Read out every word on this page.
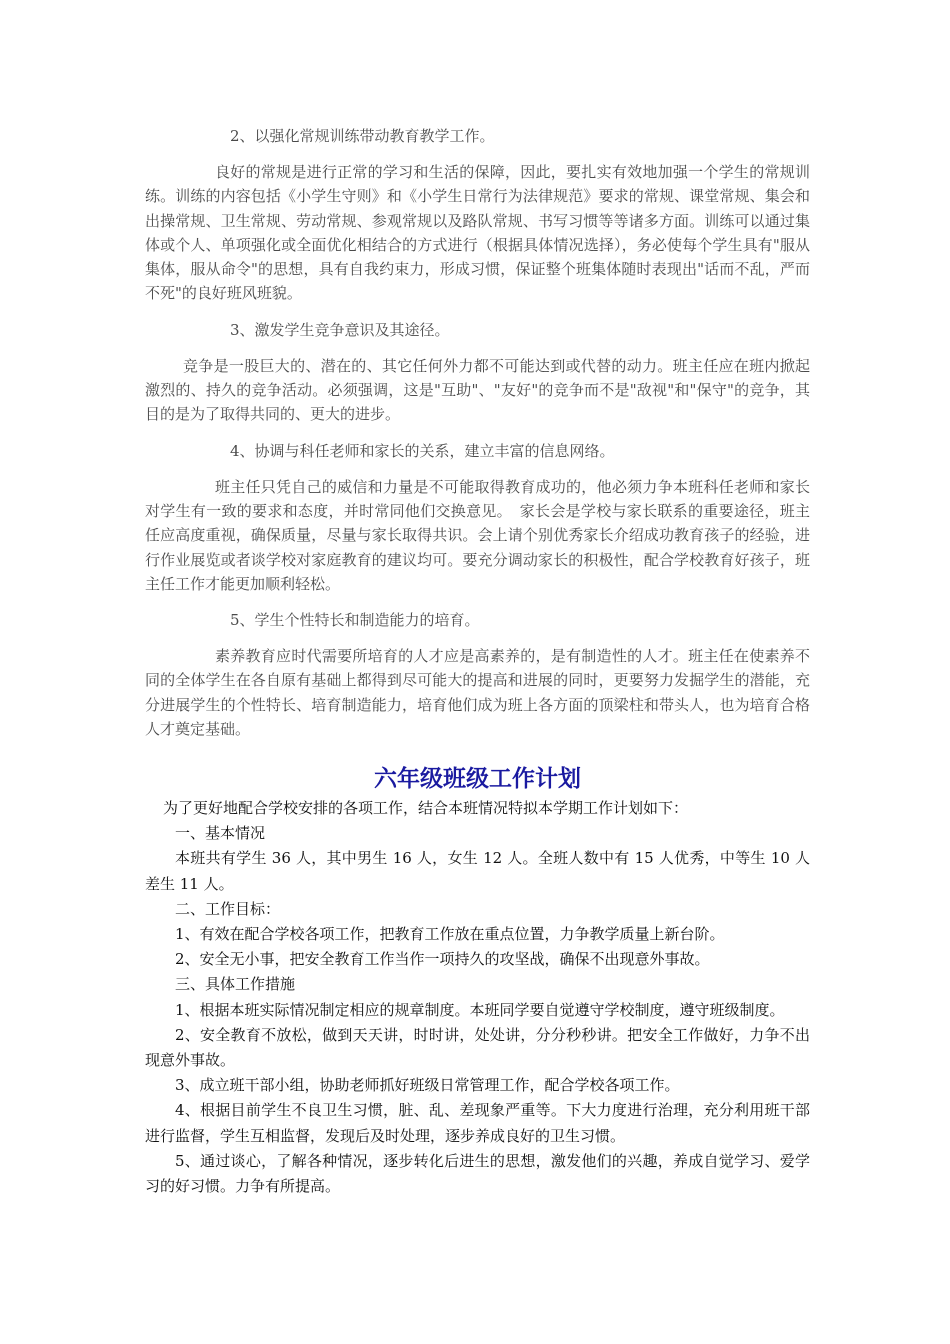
2、以强化常规训练带动教育教学工作。

良好的常规是进行正常的学习和生活的保障，因此，要扎实有效地加强一个学生的常规训练。训练的内容包括《小学生守则》和《小学生日常行为法律规范》要求的常规、课堂常规、集会和出操常规、卫生常规、劳动常规、参观常规以及路队常规、书写习惯等等诸多方面。训练可以通过集体或个人、单项强化或全面优化相结合的方式进行（根据具体情况选择），务必使每个学生具有"服从集体，服从命令"的思想，具有自我约束力，形成习惯，保证整个班集体随时表现出"话而不乱，严而不死"的良好班风班貌。

3、激发学生竞争意识及其途径。

竞争是一股巨大的、潜在的、其它任何外力都不可能达到或代替的动力。班主任应在班内掀起激烈的、持久的竞争活动。必须强调，这是"互助"、"友好"的竞争而不是"敌视"和"保守"的竞争，其目的是为了取得共同的、更大的进步。

4、协调与科任老师和家长的关系，建立丰富的信息网络。

班主任只凭自己的威信和力量是不可能取得教育成功的，他必须力争本班科任老师和家长对学生有一致的要求和态度，并时常同他们交换意见。　家长会是学校与家长联系的重要途径，班主任应高度重视，确保质量，尽量与家长取得共识。会上请个别优秀家长介绍成功教育孩子的经验，进行作业展览或者谈学校对家庭教育的建议均可。要充分调动家长的积极性，配合学校教育好孩子，班主任工作才能更加顺利轻松。

5、学生个性特长和制造能力的培育。

素养教育应时代需要所培育的人才应是高素养的，是有制造性的人才。班主任在使素养不同的全体学生在各自原有基础上都得到尽可能大的提高和进展的同时，更要努力发掘学生的潜能，充分进展学生的个性特长、培育制造能力，培育他们成为班上各方面的顶梁柱和带头人，也为培育合格人才奠定基础。

六年级班级工作计划

为了更好地配合学校安排的各项工作，结合本班情况特拟本学期工作计划如下：

一、基本情况

本班共有学生 36 人，其中男生 16 人，女生 12 人。全班人数中有 15 人优秀，中等生 10 人差生 11 人。

二、工作目标：

1、有效在配合学校各项工作，把教育工作放在重点位置，力争教学质量上新台阶。

2、安全无小事，把安全教育工作当作一项持久的攻坚战，确保不出现意外事故。

三、具体工作措施

1、根据本班实际情况制定相应的规章制度。本班同学要自觉遵守学校制度，遵守班级制度。

2、安全教育不放松，做到天天讲，时时讲，处处讲，分分秒秒讲。把安全工作做好，力争不出现意外事故。

3、成立班干部小组，协助老师抓好班级日常管理工作，配合学校各项工作。

4、根据目前学生不良卫生习惯，脏、乱、差现象严重等。下大力度进行治理，充分利用班干部进行监督，学生互相监督，发现后及时处理，逐步养成良好的卫生习惯。

5、通过谈心，了解各种情况，逐步转化后进生的思想，激发他们的兴趣，养成自觉学习、爱学习的好习惯。力争有所提高。
